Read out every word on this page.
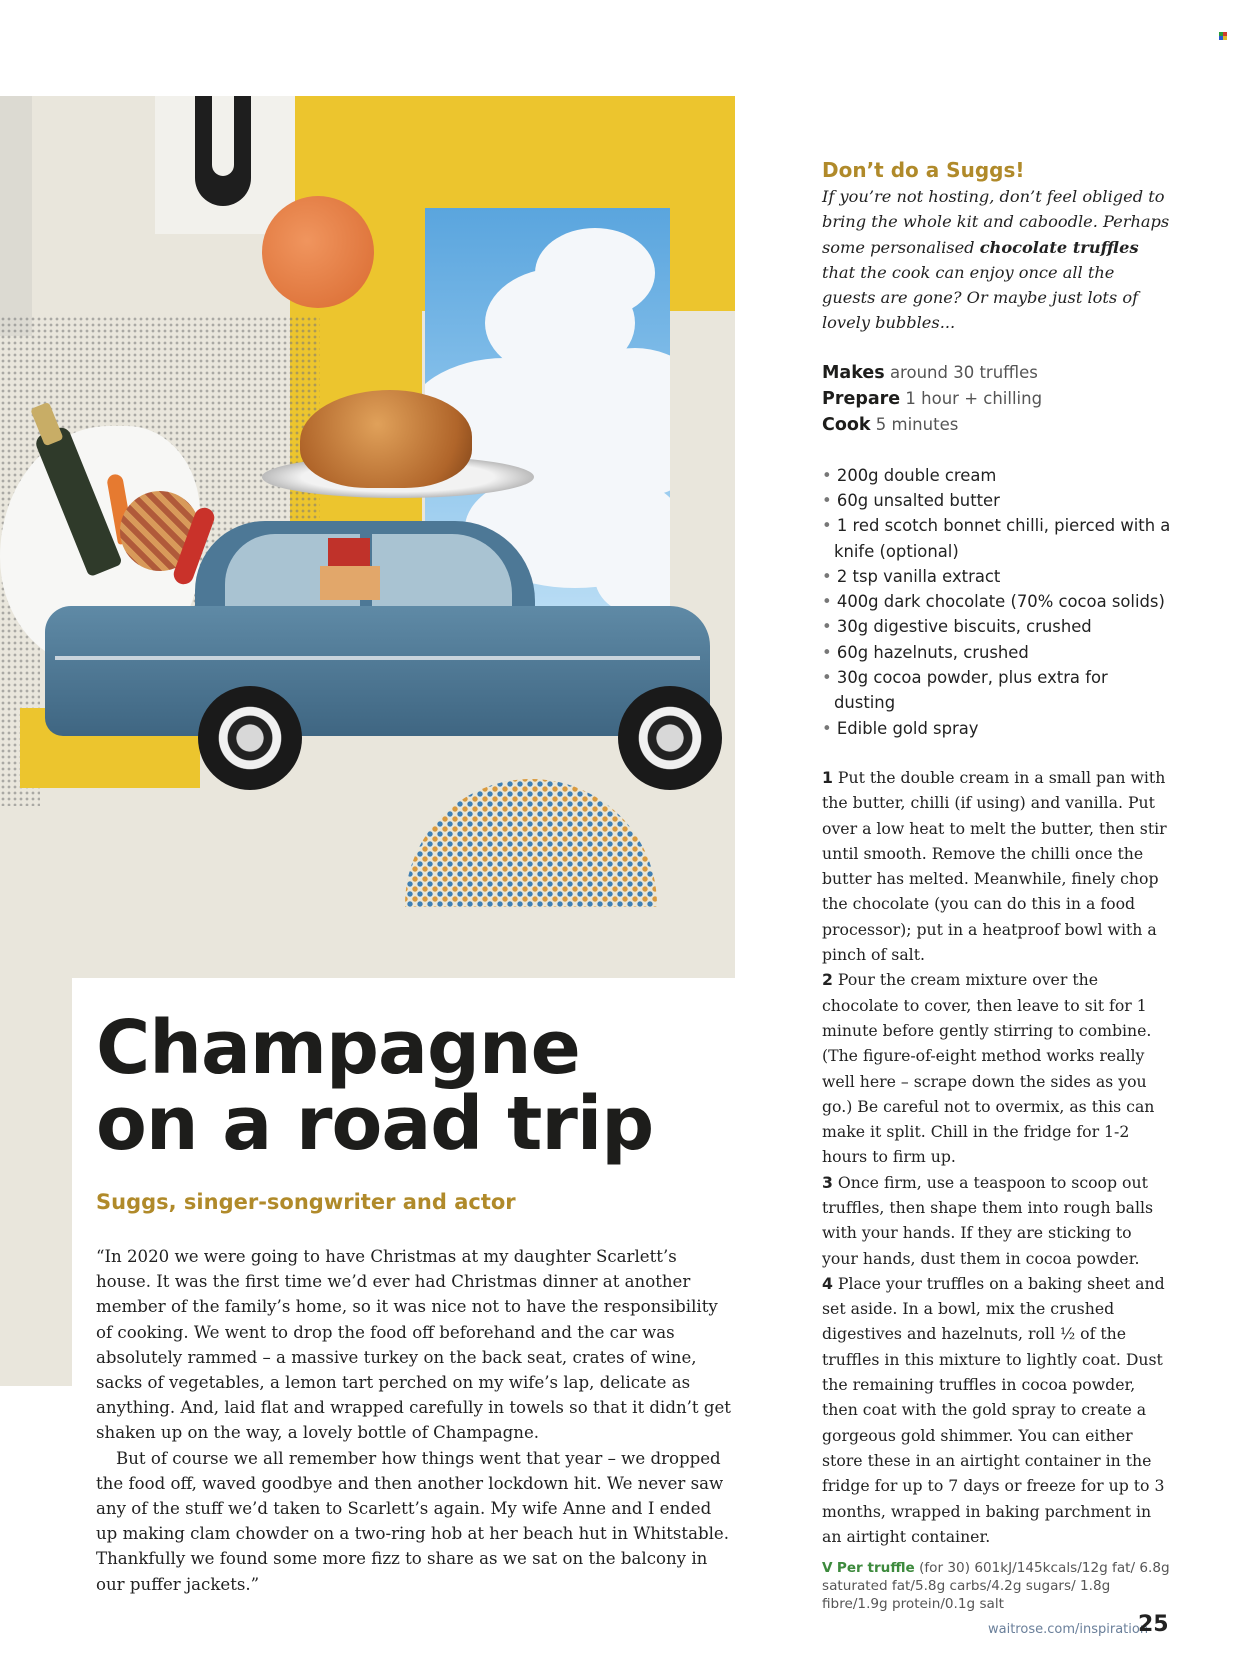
Champagne
on a road trip
Suggs, singer-songwriter and actor

“In 2020 we were going to have Christmas at my daughter Scarlett’s house. It was the first time we’d ever had Christmas dinner at another member of the family’s home, so it was nice not to have the responsibility of cooking. We went to drop the food off beforehand and the car was absolutely rammed – a massive turkey on the back seat, crates of wine, sacks of vegetables, a lemon tart perched on my wife’s lap, delicate as anything. And, laid flat and wrapped carefully in towels so that it didn’t get shaken up on the way, a lovely bottle of Champagne.

But of course we all remember how things went that year – we dropped the food off, waved goodbye and then another lockdown hit. We never saw any of the stuff we’d taken to Scarlett’s again. My wife Anne and I ended up making clam chowder on a two-ring hob at her beach hut in Whitstable. Thankfully we found some more fizz to share as we sat on the balcony in our puffer jackets.”

Don’t do a Suggs!
If you’re not hosting, don’t feel obliged to bring the whole kit and caboodle. Perhaps some personalised chocolate truffles that the cook can enjoy once all the guests are gone? Or maybe just lots of lovely bubbles...
Makes around 30 truffles
Prepare 1 hour + chilling
Cook 5 minutes
• 200g double cream
• 60g unsalted butter
• 1 red scotch bonnet chilli, pierced with a knife (optional)
• 2 tsp vanilla extract
• 400g dark chocolate (70% cocoa solids)
• 30g digestive biscuits, crushed
• 60g hazelnuts, crushed
• 30g cocoa powder, plus extra for dusting
• Edible gold spray

1 Put the double cream in a small pan with the butter, chilli (if using) and vanilla. Put over a low heat to melt the butter, then stir until smooth. Remove the chilli once the butter has melted. Meanwhile, finely chop the chocolate (you can do this in a food processor); put in a heatproof bowl with a pinch of salt.

2 Pour the cream mixture over the chocolate to cover, then leave to sit for 1 minute before gently stirring to combine. (The figure-of-eight method works really well here – scrape down the sides as you go.) Be careful not to overmix, as this can make it split. Chill in the fridge for 1-2 hours to firm up.

3 Once firm, use a teaspoon to scoop out truffles, then shape them into rough balls with your hands. If they are sticking to your hands, dust them in cocoa powder.

4 Place your truffles on a baking sheet and set aside. In a bowl, mix the crushed digestives and hazelnuts, roll ½ of the truffles in this mixture to lightly coat. Dust the remaining truffles in cocoa powder, then coat with the gold spray to create a gorgeous gold shimmer. You can either store these in an airtight container in the fridge for up to 7 days or freeze for up to 3 months, wrapped in baking parchment in an airtight container.

V Per truffle (for 30) 601kJ/145kcals/12g fat/ 6.8g saturated fat/5.8g carbs/4.2g sugars/ 1.8g fibre/1.9g protein/0.1g salt
waitrose.com/inspiration
25
